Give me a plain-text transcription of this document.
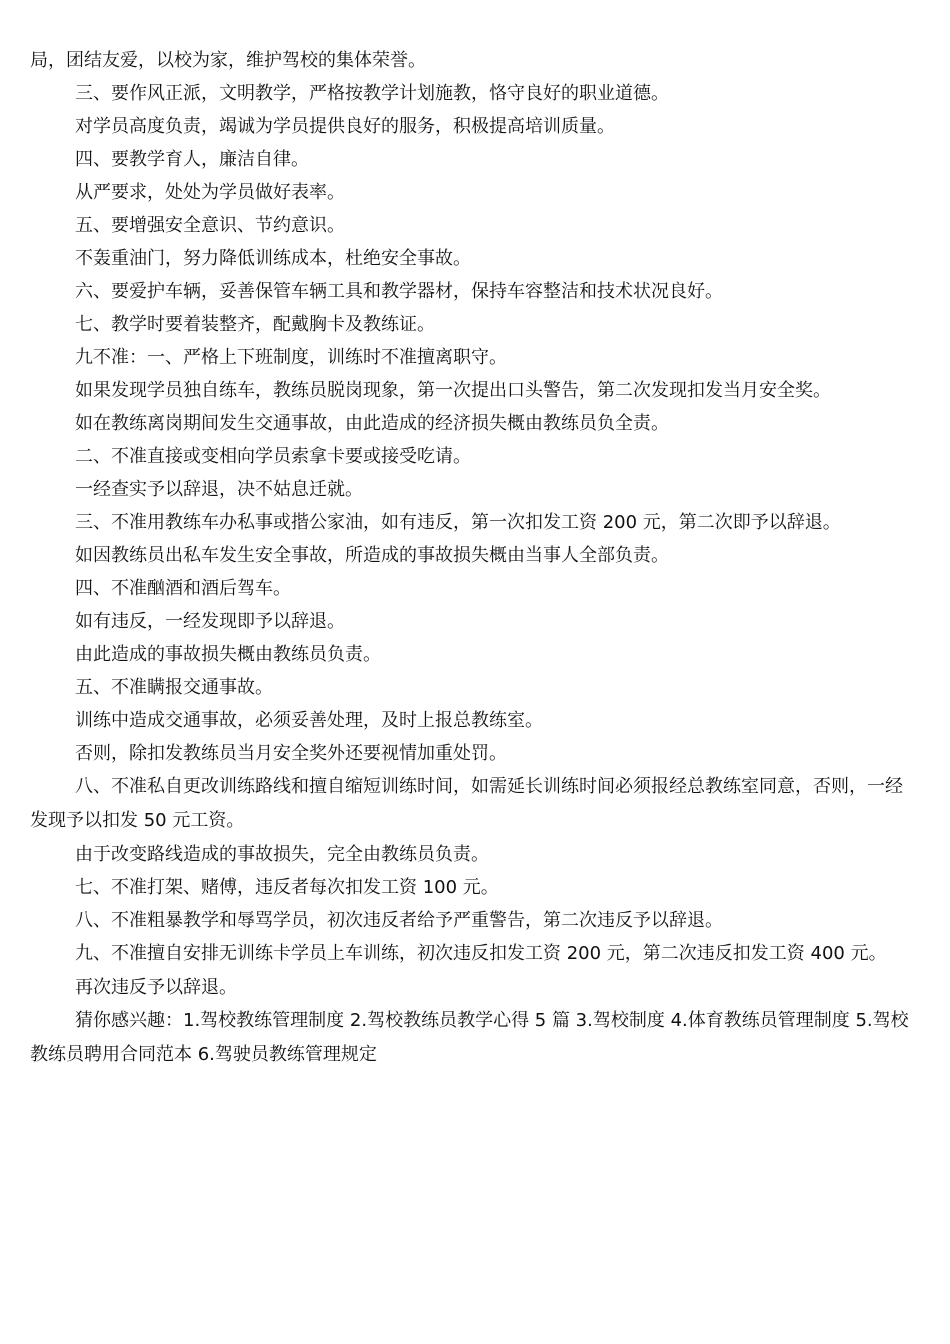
局，团结友爱，以校为家，维护驾校的集体荣誉。

三、要作风正派，文明教学，严格按教学计划施教，恪守良好的职业道德。

对学员高度负责，竭诚为学员提供良好的服务，积极提高培训质量。

四、要教学育人，廉洁自律。

从严要求，处处为学员做好表率。

五、要增强安全意识、节约意识。

不轰重油门，努力降低训练成本，杜绝安全事故。

六、要爱护车辆，妥善保管车辆工具和教学器材，保持车容整洁和技术状况良好。

七、教学时要着装整齐，配戴胸卡及教练证。

九不准：一、严格上下班制度，训练时不准擅离职守。

如果发现学员独自练车，教练员脱岗现象，第一次提出口头警告，第二次发现扣发当月安全奖。

如在教练离岗期间发生交通事故，由此造成的经济损失概由教练员负全责。

二、不准直接或变相向学员索拿卡要或接受吃请。

一经查实予以辞退，决不姑息迁就。

三、不准用教练车办私事或揩公家油，如有违反，第一次扣发工资 200 元，第二次即予以辞退。

如因教练员出私车发生安全事故，所造成的事故损失概由当事人全部负责。

四、不准酗酒和酒后驾车。

如有违反，一经发现即予以辞退。

由此造成的事故损失概由教练员负责。

五、不准瞒报交通事故。

训练中造成交通事故，必须妥善处理，及时上报总教练室。

否则，除扣发教练员当月安全奖外还要视情加重处罚。

八、不准私自更改训练路线和擅自缩短训练时间，如需延长训练时间必须报经总教练室同意，否则，一经发现予以扣发 50 元工资。

由于改变路线造成的事故损失，完全由教练员负责。

七、不准打架、赌傅，违反者每次扣发工资 100 元。

八、不准粗暴教学和辱骂学员，初次违反者给予严重警告，第二次违反予以辞退。

九、不准擅自安排无训练卡学员上车训练，初次违反扣发工资 200 元，第二次违反扣发工资 400 元。

再次违反予以辞退。

猜你感兴趣：1.驾校教练管理制度 2.驾校教练员教学心得 5 篇 3.驾校制度 4.体育教练员管理制度 5.驾校教练员聘用合同范本 6.驾驶员教练管理规定
